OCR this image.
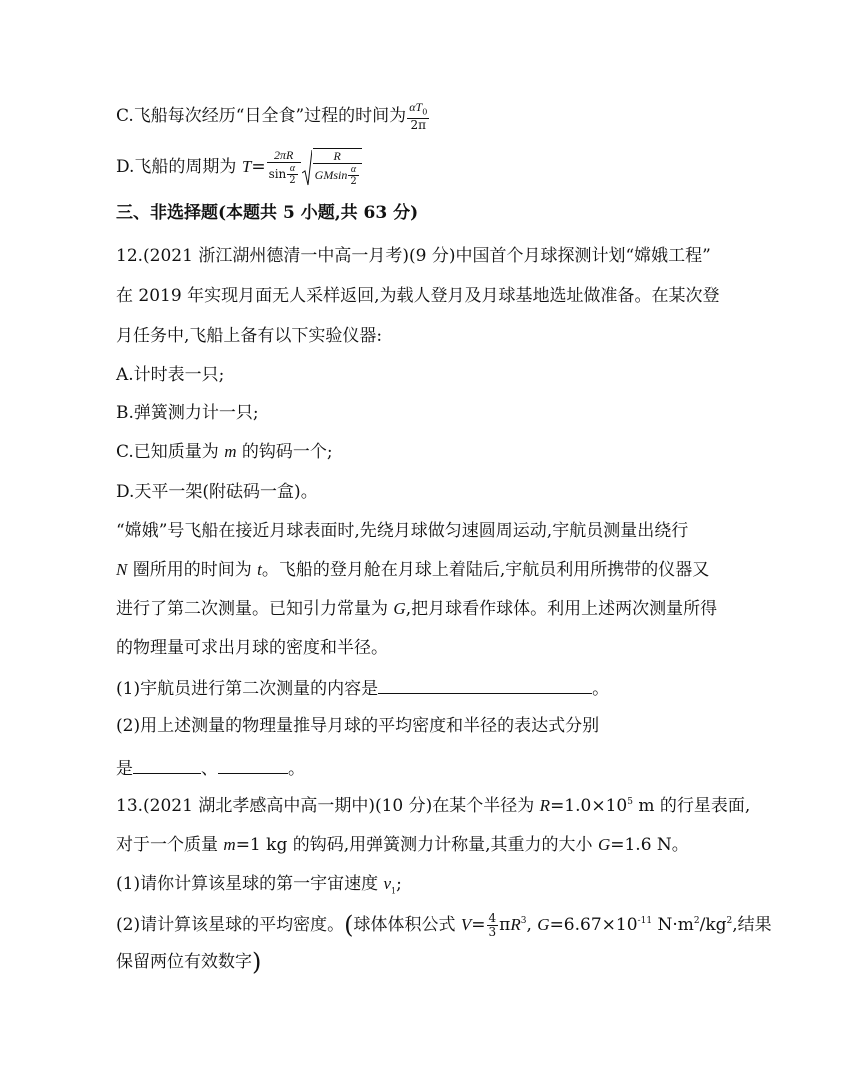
C.飞船每次经历“日全食”过程的时间为 $\frac{\alpha T_0}{2\pi}$
D.飞船的周期为 $T= \frac{2\pi R}{\sin \frac{\alpha}{2}} \frac{R}{GMsin \frac{\alpha}{2}}$
三、非选择题(本题共 5 小题,共 63 分)
12.(2021 浙江湖州德清一中高一月考)(9 分)中国首个月球探测计划“嫦娥工程”
在 2019 年实现月面无人采样返回,为载人登月及月球基地选址做准备。在某次登
月任务中,飞船上备有以下实验仪器:
A.计时表一只;
B.弹簧测力计一只;
C.已知质量为 m 的钩码一个;
D.天平一架(附砝码一盒)。
“嫦娥”号飞船在接近月球表面时,先绕月球做匀速圆周运动,宇航员测量出绕行
N 圈所用的时间为 t。飞船的登月舱在月球上着陆后,宇航员利用所携带的仪器又
进行了第二次测量。已知引力常量为 G,把月球看作球体。利用上述两次测量所得
的物理量可求出月球的密度和半径。
(1)宇航员进行第二次测量的内容是	。
(2)用上述测量的物理量推导月球的平均密度和半径的表达式分别
是	、	。
13.(2021 湖北孝感高中高一期中)(10 分)在某个半径为 $R=1.0\times 10^5$ m 的行星表面,
对于一个质量 m=1 kg 的钩码,用弹簧测力计称量,其重力的大小 G=1.6 N。
(1)请你计算该星球的第一宇宙速度 $v_1$;
(2)请计算该星球的平均密度。(球体体积公式 $V= \frac{4}{3} \pi R^3$, $G=6.67\times 10^{-11}$ $N\cdot m^2/kg^2$,结果
保留两位有效数字)
